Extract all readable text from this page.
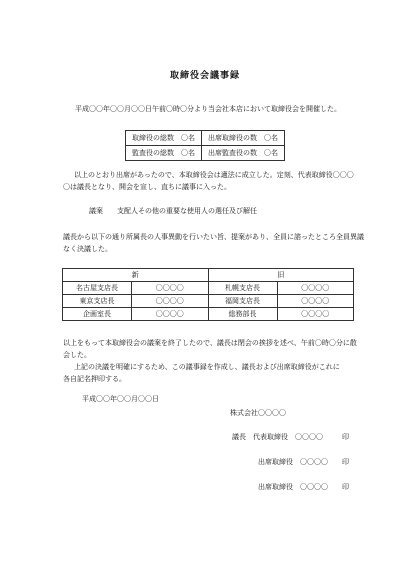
取締役会議事録
平成〇〇年〇〇月〇〇日午前〇時〇分より当会社本店において取締役会を開催した。
取締役の総数　〇名	出席取締役の数　〇名
監査役の総数　〇名	出席監査役の数　〇名
以上のとおり出席があったので、本取締役会は適法に成立した。定刻、代表取締役〇〇〇
〇は議長となり、開会を宣し、直ちに議事に入った。
議案　　支配人その他の重要な使用人の選任及び解任
議長から以下の通り所属長の人事異動を行いたい旨、提案があり、全員に諮ったところ全員異議
なく決議した。
新		旧	
名古屋支店長	〇〇〇〇	札幌支店長	〇〇〇〇
東京支店長	〇〇〇〇	福岡支店長	〇〇〇〇
企画室長	〇〇〇〇	総務部長	〇〇〇〇
以上をもって本取締役会の議案を終了したので、議長は閉会の挨拶を述べ、午前〇時〇分に散
会した。
上記の決議を明確にするため、この議事録を作成し、議長および出席取締役がこれに
各自記名押印する。
平成〇〇年〇〇月〇〇日
株式会社〇〇〇〇
議長　代表取締役　〇〇〇〇	印
出席取締役　〇〇〇〇 印
出席取締役　〇〇〇〇 印
